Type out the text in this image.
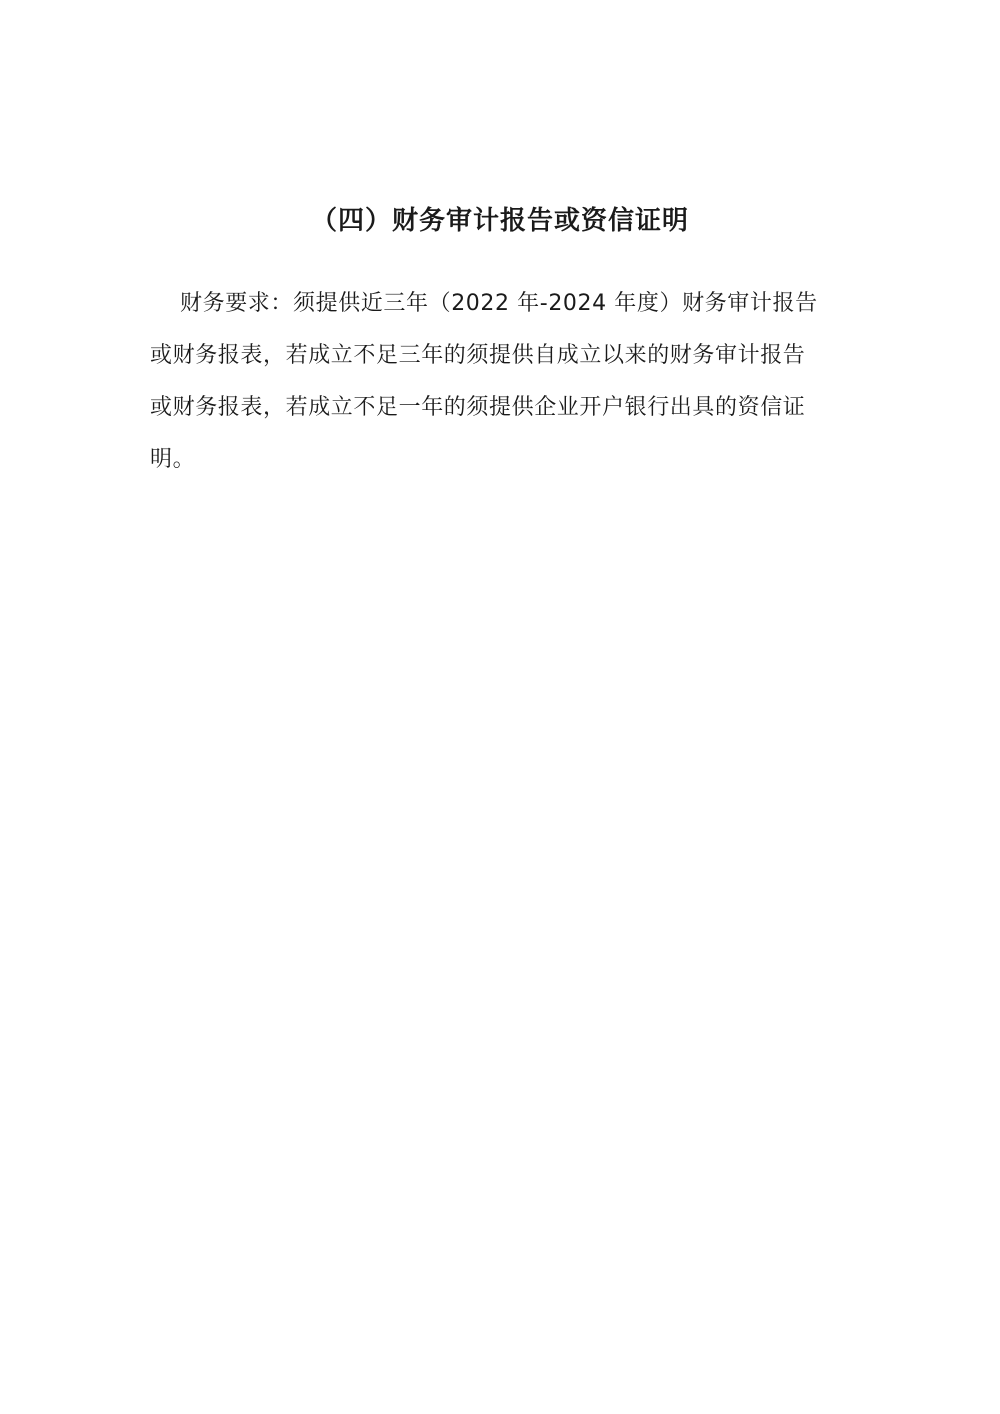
（四）财务审计报告或资信证明
财务要求：须提供近三年（2022 年-2024 年度）财务审计报告
或财务报表，若成立不足三年的须提供自成立以来的财务审计报告
或财务报表，若成立不足一年的须提供企业开户银行出具的资信证
明。
